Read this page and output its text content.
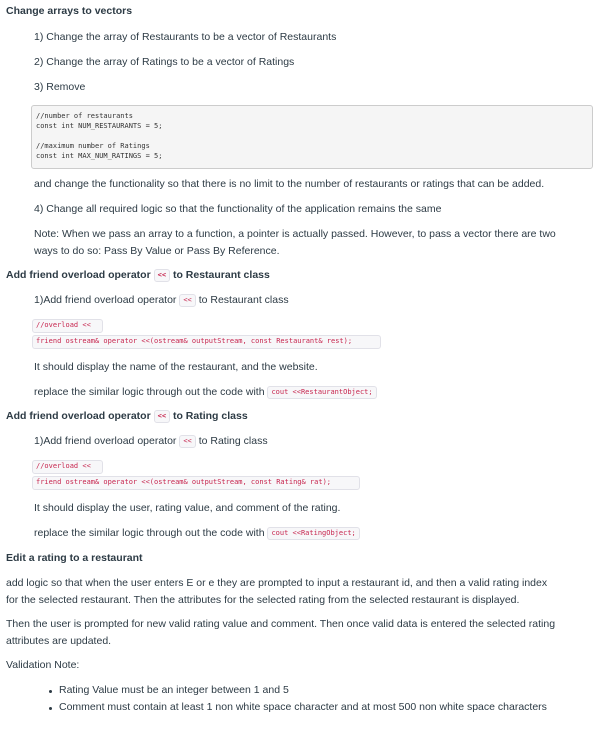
Change arrays to vectors
1) Change the array of Restaurants to be a vector of Restaurants
2) Change the array of Ratings to be a vector of Ratings
3) Remove
//number of restaurants
const int NUM_RESTAURANTS = 5;
//maximum number of Ratings
const int MAX_NUM_RATINGS = 5;
and change the functionality so that there is no limit to the number of restaurants or ratings that can be added.
4) Change all required logic so that the functionality of the application remains the same
Note: When we pass an array to a function, a pointer is actually passed. However, to pass a vector there are two
ways to do so: Pass By Value or Pass By Reference.
Add friend overload operator << to Restaurant class
1)Add friend overload operator << to Restaurant class
//overload <<
friend ostream& operator <<(ostream& outputStream, const Restaurant& rest);
It should display the name of the restaurant, and the website.
replace the similar logic through out the code with cout <<RestaurantObject;
Add friend overload operator << to Rating class
1)Add friend overload operator << to Rating class
//overload <<
friend ostream& operator <<(ostream& outputStream, const Rating& rat);
It should display the user, rating value, and comment of the rating.
replace the similar logic through out the code with cout <<RatingObject;
Edit a rating to a restaurant
add logic so that when the user enters E or e they are prompted to input a restaurant id, and then a valid rating index
for the selected restaurant. Then the attributes for the selected rating from the selected restaurant is displayed.
Then the user is prompted for new valid rating value and comment. Then once valid data is entered the selected rating
attributes are updated.
Validation Note:
Rating Value must be an integer between 1 and 5
Comment must contain at least 1 non white space character and at most 500 non white space characters
